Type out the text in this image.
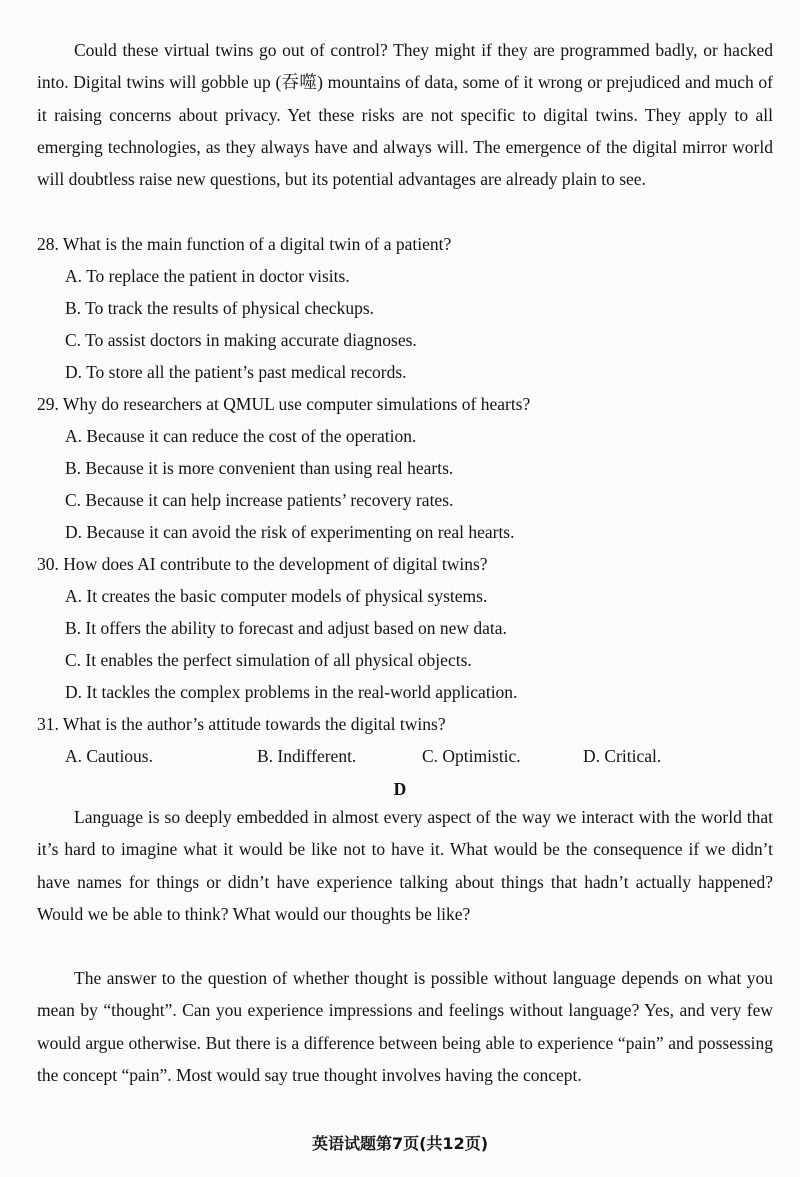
Could these virtual twins go out of control? They might if they are programmed badly, or hacked into. Digital twins will gobble up (吞噬) mountains of data, some of it wrong or prejudiced and much of it raising concerns about privacy. Yet these risks are not specific to digital twins. They apply to all emerging technologies, as they always have and always will. The emergence of the digital mirror world will doubtless raise new questions, but its potential advantages are already plain to see.

28. What is the main function of a digital twin of a patient?
A. To replace the patient in doctor visits.
B. To track the results of physical checkups.
C. To assist doctors in making accurate diagnoses.
D. To store all the patient’s past medical records.
29. Why do researchers at QMUL use computer simulations of hearts?
A. Because it can reduce the cost of the operation.
B. Because it is more convenient than using real hearts.
C. Because it can help increase patients’ recovery rates.
D. Because it can avoid the risk of experimenting on real hearts.
30. How does AI contribute to the development of digital twins?
A. It creates the basic computer models of physical systems.
B. It offers the ability to forecast and adjust based on new data.
C. It enables the perfect simulation of all physical objects.
D. It tackles the complex problems in the real-world application.
31. What is the author’s attitude towards the digital twins?
A. Cautious.	B. Indifferent.	C. Optimistic.	D. Critical.
D

Language is so deeply embedded in almost every aspect of the way we interact with the world that it’s hard to imagine what it would be like not to have it. What would be the consequence if we didn’t have names for things or didn’t have experience talking about things that hadn’t actually happened? Would we be able to think? What would our thoughts be like?

The answer to the question of whether thought is possible without language depends on what you mean by “thought”. Can you experience impressions and feelings without language? Yes, and very few would argue otherwise. But there is a difference between being able to experience “pain” and possessing the concept “pain”. Most would say true thought involves having the concept.

英语试题第7页(共12页)
